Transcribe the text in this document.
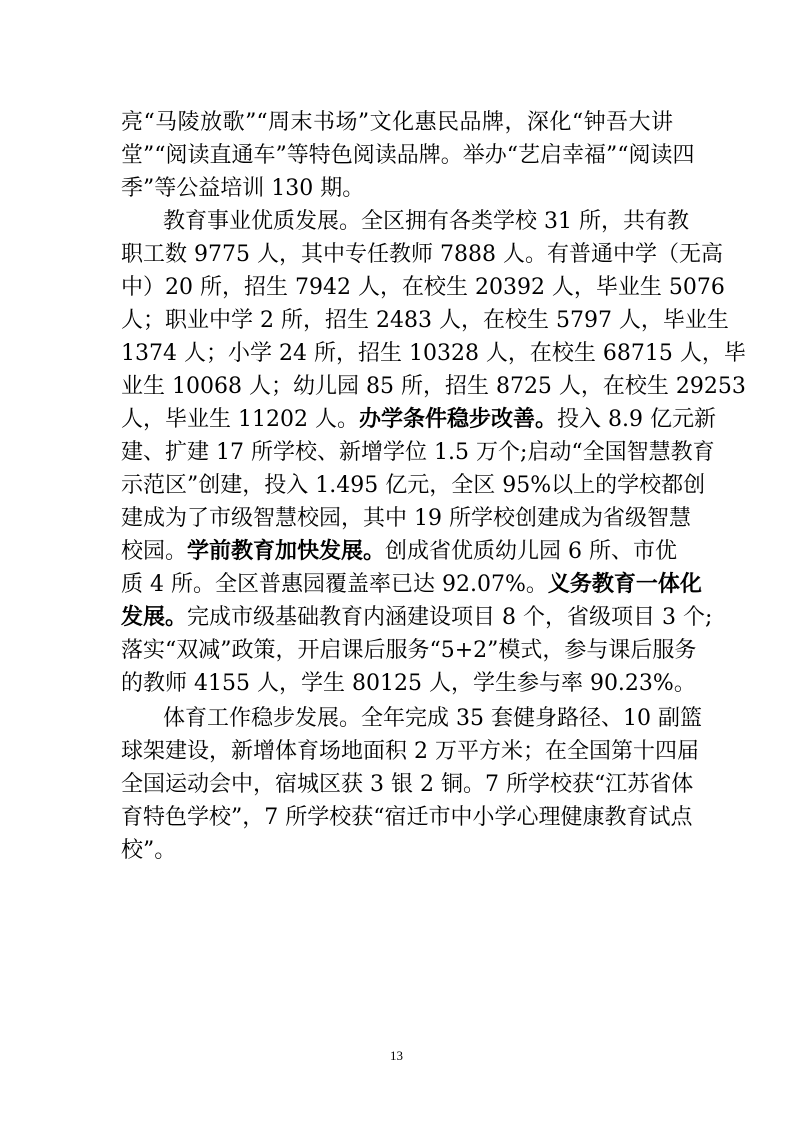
亮“马陵放歌”“周末书场”文化惠民品牌，深化“钟吾大讲
堂”“阅读直通车”等特色阅读品牌。举办“艺启幸福”“阅读四
季”等公益培训 130 期。
教育事业优质发展。全区拥有各类学校 31 所，共有教
职工数 9775 人，其中专任教师 7888 人。有普通中学（无高
中）20 所，招生 7942 人，在校生 20392 人，毕业生 5076
人；职业中学 2 所，招生 2483 人，在校生 5797 人，毕业生
1374 人；小学 24 所，招生 10328 人，在校生 68715 人，毕
业生 10068 人；幼儿园 85 所，招生 8725 人，在校生 29253
人，毕业生 11202 人。办学条件稳步改善。投入 8.9 亿元新
建、扩建 17 所学校、新增学位 1.5 万个;启动“全国智慧教育
示范区”创建，投入 1.495 亿元，全区 95%以上的学校都创
建成为了市级智慧校园，其中 19 所学校创建成为省级智慧
校园。学前教育加快发展。创成省优质幼儿园 6 所、市优
质 4 所。全区普惠园覆盖率已达 92.07%。义务教育一体化
发展。完成市级基础教育内涵建设项目 8 个，省级项目 3 个;
落实“双减”政策，开启课后服务“5+2”模式，参与课后服务
的教师 4155 人，学生 80125 人，学生参与率 90.23%。
13
体育工作稳步发展。全年完成 35 套健身路径、10 副篮
球架建设，新增体育场地面积 2 万平方米；在全国第十四届
全国运动会中，宿城区获 3 银 2 铜。7 所学校获“江苏省体
育特色学校”，7 所学校获“宿迁市中小学心理健康教育试点
校”。
